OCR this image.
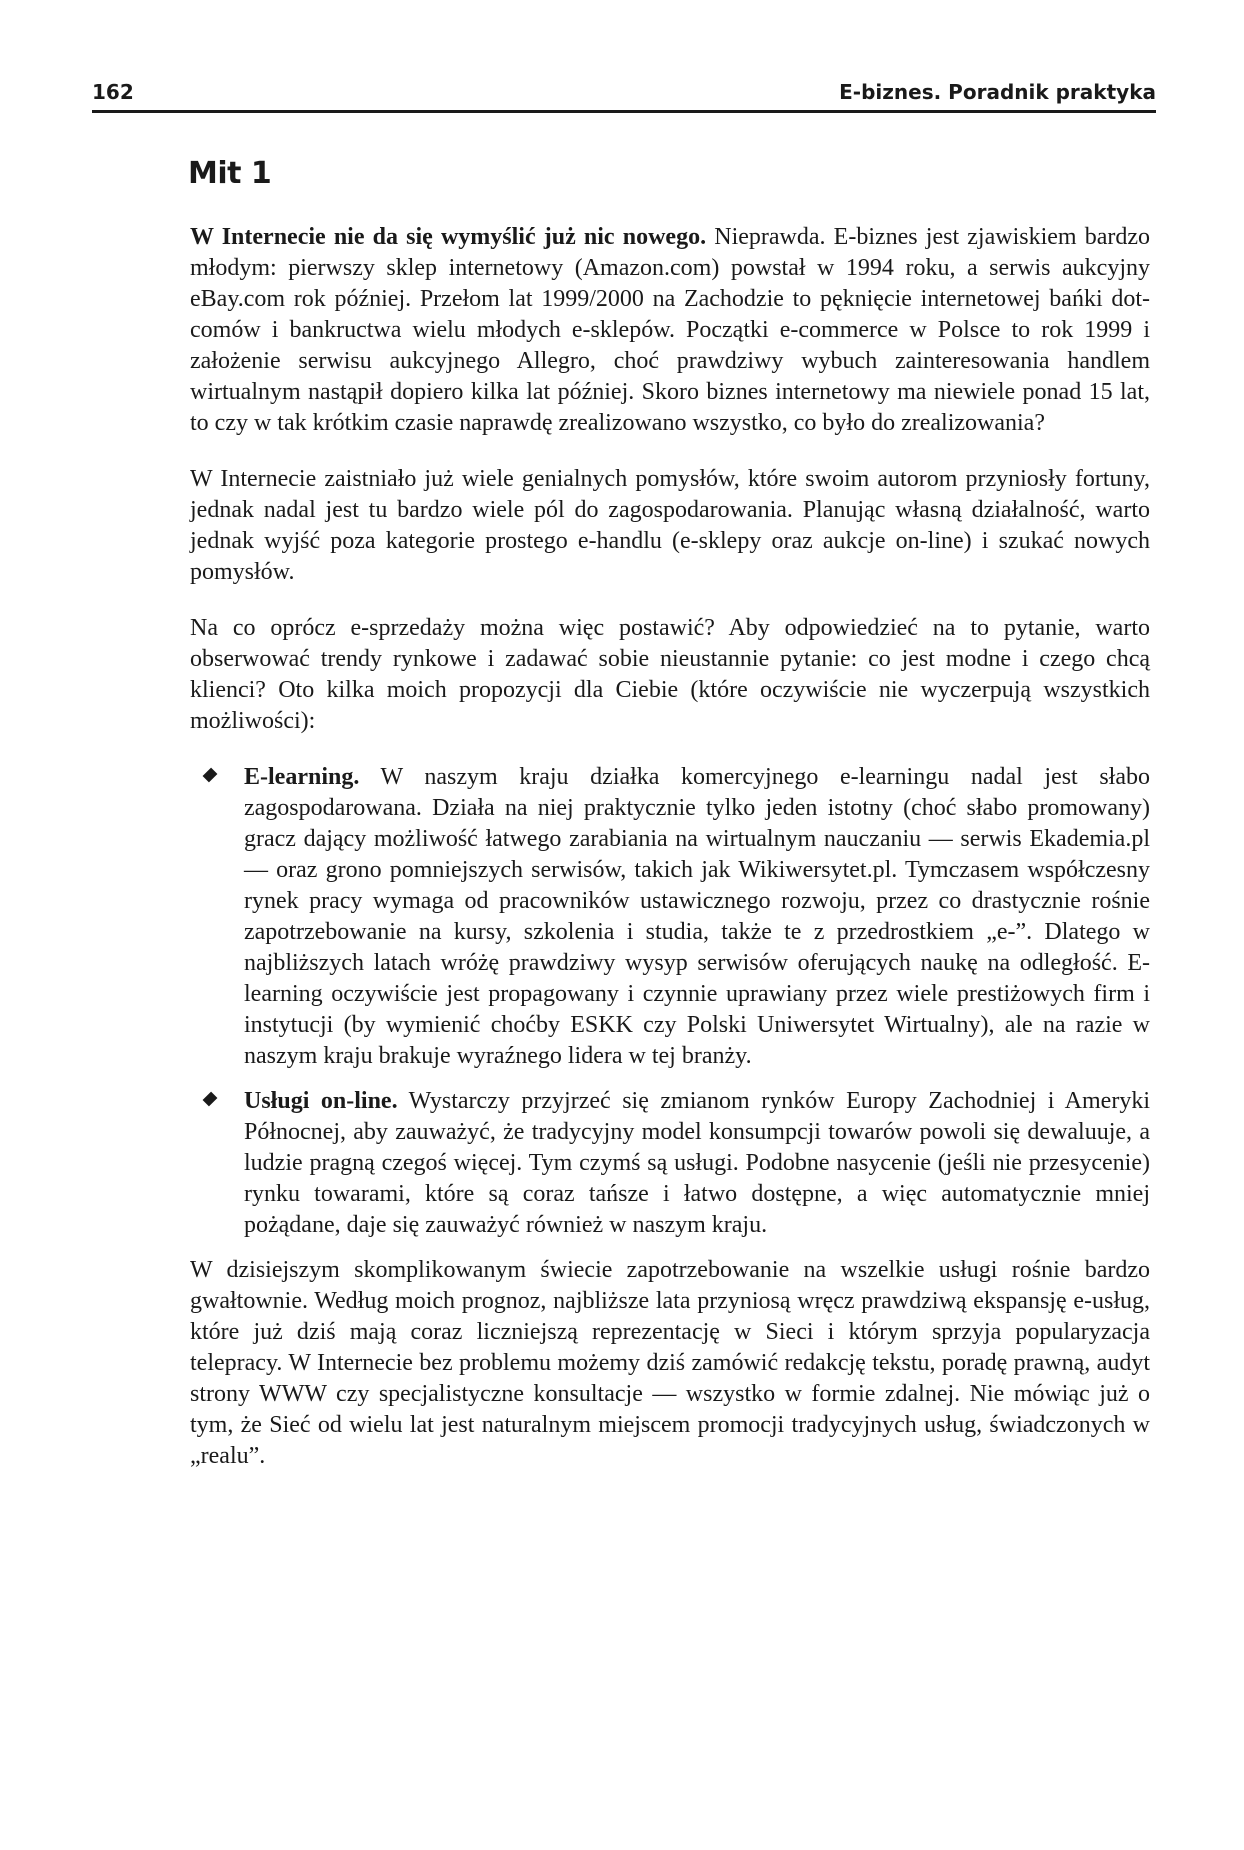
162	E-biznes. Poradnik praktyka
Mit 1

W Internecie nie da się wymyślić już nic nowego. Nieprawda. E-biznes jest zjawiskiem bardzo młodym: pierwszy sklep internetowy (Amazon.com) powstał w 1994 roku, a serwis aukcyjny eBay.com rok później. Przełom lat 1999/2000 na Zachodzie to pęknięcie internetowej bańki dot-comów i bankructwa wielu młodych e-sklepów. Początki e-commerce w Polsce to rok 1999 i założenie serwisu aukcyjnego Allegro, choć prawdziwy wybuch zainteresowania handlem wirtualnym nastąpił dopiero kilka lat później. Skoro biznes internetowy ma niewiele ponad 15 lat, to czy w tak krótkim czasie naprawdę zrealizowano wszystko, co było do zrealizowania?

W Internecie zaistniało już wiele genialnych pomysłów, które swoim autorom przyniosły fortuny, jednak nadal jest tu bardzo wiele pól do zagospodarowania. Planując własną działalność, warto jednak wyjść poza kategorie prostego e-handlu (e-sklepy oraz aukcje on-line) i szukać nowych pomysłów.

Na co oprócz e-sprzedaży można więc postawić? Aby odpowiedzieć na to pytanie, warto obserwować trendy rynkowe i zadawać sobie nieustannie pytanie: co jest modne i czego chcą klienci? Oto kilka moich propozycji dla Ciebie (które oczywiście nie wyczerpują wszystkich możliwości):

E-learning. W naszym kraju działka komercyjnego e-learningu nadal jest słabo zagospodarowana. Działa na niej praktycznie tylko jeden istotny (choć słabo promowany) gracz dający możliwość łatwego zarabiania na wirtualnym nauczaniu — serwis Ekademia.pl — oraz grono pomniejszych serwisów, takich jak Wikiwersytet.pl. Tymczasem współczesny rynek pracy wymaga od pracowników ustawicznego rozwoju, przez co drastycznie rośnie zapotrzebowanie na kursy, szkolenia i studia, także te z przedrostkiem „e-”. Dlatego w najbliższych latach wróżę prawdziwy wysyp serwisów oferujących naukę na odległość. E-learning oczywiście jest propagowany i czynnie uprawiany przez wiele prestiżowych firm i instytucji (by wymienić choćby ESKK czy Polski Uniwersytet Wirtualny), ale na razie w naszym kraju brakuje wyraźnego lidera w tej branży.
Usługi on-line. Wystarczy przyjrzeć się zmianom rynków Europy Zachodniej i Ameryki Północnej, aby zauważyć, że tradycyjny model konsumpcji towarów powoli się dewaluuje, a ludzie pragną czegoś więcej. Tym czymś są usługi. Podobne nasycenie (jeśli nie przesycenie) rynku towarami, które są coraz tańsze i łatwo dostępne, a więc automatycznie mniej pożądane, daje się zauważyć również w naszym kraju.

W dzisiejszym skomplikowanym świecie zapotrzebowanie na wszelkie usługi rośnie bardzo gwałtownie. Według moich prognoz, najbliższe lata przyniosą wręcz prawdziwą ekspansję e-usług, które już dziś mają coraz liczniejszą reprezentację w Sieci i którym sprzyja popularyzacja telepracy. W Internecie bez problemu możemy dziś zamówić redakcję tekstu, poradę prawną, audyt strony WWW czy specjalistyczne konsultacje — wszystko w formie zdalnej. Nie mówiąc już o tym, że Sieć od wielu lat jest naturalnym miejscem promocji tradycyjnych usług, świadczonych w „realu”.
